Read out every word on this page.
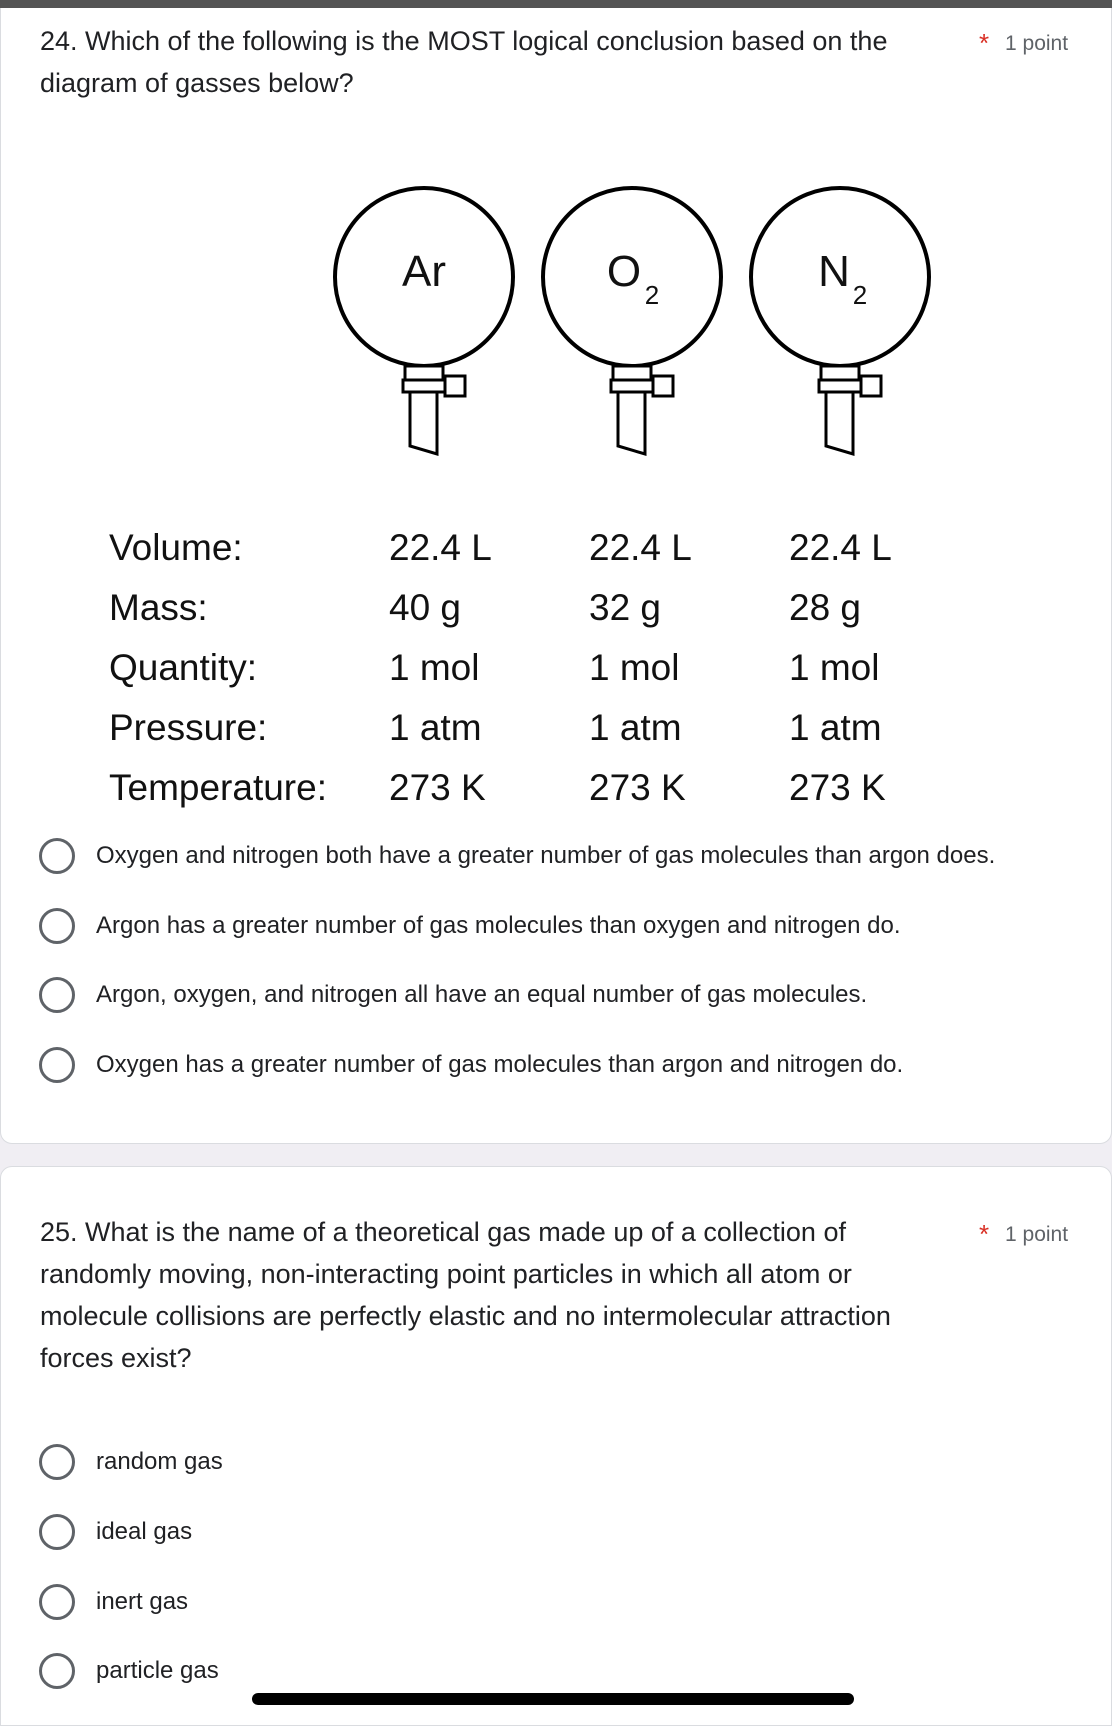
24. Which of the following is the MOST logical conclusion based on the diagram of gasses below?
* 1 point
Ar	O 2	N 2
Volume:	22.4 L	22.4 L	22.4 L
Mass:	40 g	32 g	28 g
Quantity:	1 mol	1 mol	1 mol
Pressure:	1 atm	1 atm	1 atm
Temperature:	273 K	273 K	273 K
Oxygen and nitrogen both have a greater number of gas molecules than argon does.
Argon has a greater number of gas molecules than oxygen and nitrogen do.
Argon, oxygen, and nitrogen all have an equal number of gas molecules.
Oxygen has a greater number of gas molecules than argon and nitrogen do.
25. What is the name of a theoretical gas made up of a collection of randomly moving, non-interacting point particles in which all atom or molecule collisions are perfectly elastic and no intermolecular attraction forces exist?
* 1 point
random gas
ideal gas
inert gas
particle gas
